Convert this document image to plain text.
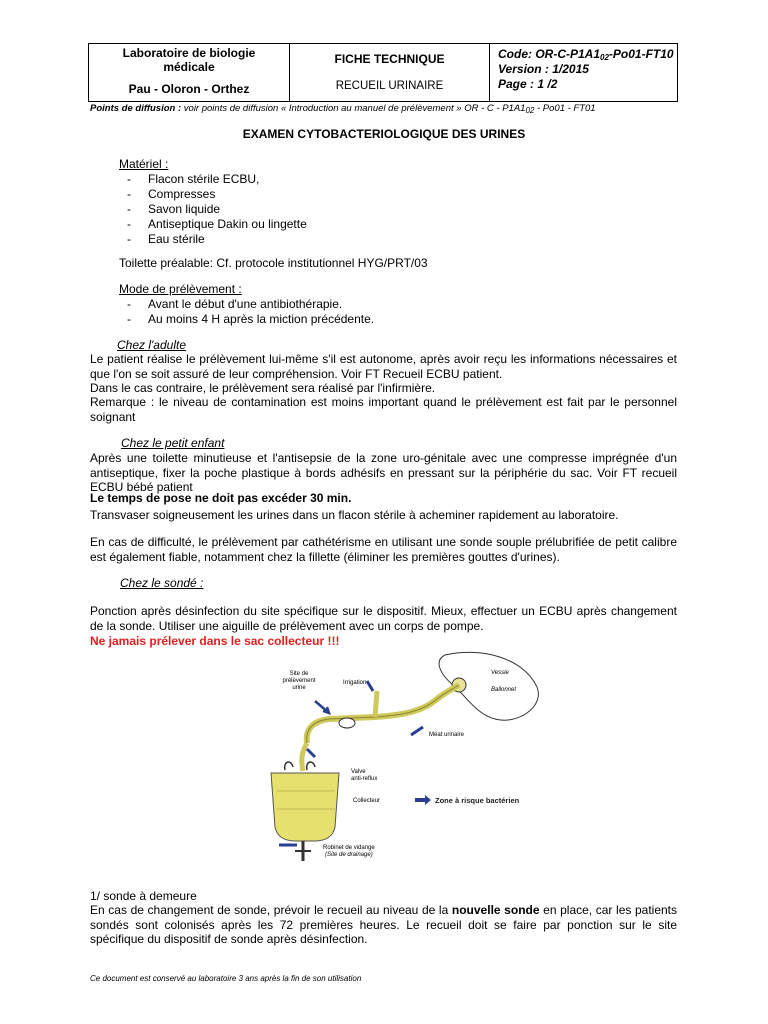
Laboratoire de biologie
médicale
Pau - Oloron - Orthez
FICHE TECHNIQUE
RECUEIL URINAIRE
Code: $OR-C-P1A1_{02}-Po01-FT10$
Version : 1/2015
Page : 1 /2
Points de diffusion : voir points de diffusion « Introduction au manuel de prélèvement » OR - C - $P1A1_{02} - Po01 - FT01$
EXAMEN CYTOBACTERIOLOGIQUE DES URINES
Matériel :
- Flacon stérile ECBU,
- Compresses
- Savon liquide
- Antiseptique Dakin ou lingette
- Eau stérile
Toilette préalable: Cf. protocole institutionnel HYG/PRT/03
Mode de prélèvement :
- Avant le début d'une antibiothérapie.
- Au moins 4 H après la miction précédente.
Chez l'adulte
Le patient réalise le prélèvement lui-même s'il est autonome, après avoir reçu les informations nécessaires et que l'on se soit assuré de leur compréhension. Voir FT Recueil ECBU patient.
Dans le cas contraire, le prélèvement sera réalisé par l'infirmière.
Remarque : le niveau de contamination est moins important quand le prélèvement est fait par le personnel soignant
Chez le petit enfant
Après une toilette minutieuse et l'antisepsie de la zone uro-génitale avec une compresse imprégnée d'un antiseptique, fixer la poche plastique à bords adhésifs en pressant sur la périphérie du sac. Voir FT recueil ECBU bébé patient
Le temps de pose ne doit pas excéder 30 min.
Transvaser soigneusement les urines dans un flacon stérile à acheminer rapidement au laboratoire.
En cas de difficulté, le prélèvement par cathétérisme en utilisant une sonde souple prélubrifiée de petit calibre est également fiable, notamment chez la fillette (éliminer les premières gouttes d'urines).
Chez le sondé :
Ponction après désinfection du site spécifique sur le dispositif. Mieux, effectuer un ECBU après changement de la sonde. Utiliser une aiguille de prélèvement avec un corps de pompe.
Ne jamais prélever dans le sac collecteur !!!
Site de
prélèvement
urine
Irrigation
Vessie
Ballonnet
Méat urinaire
Valve
anti-reflux
Collecteur	Zone à risque bactérien
Robinet de vidange
(Site de drainage)
1/ sonde à demeure
En cas de changement de sonde, prévoir le recueil au niveau de la nouvelle sonde en place, car les patients sondés sont colonisés après les 72 premières heures. Le recueil doit se faire par ponction sur le site spécifique du dispositif de sonde après désinfection.
Ce document est conservé au laboratoire 3 ans après la fin de son utilisation
